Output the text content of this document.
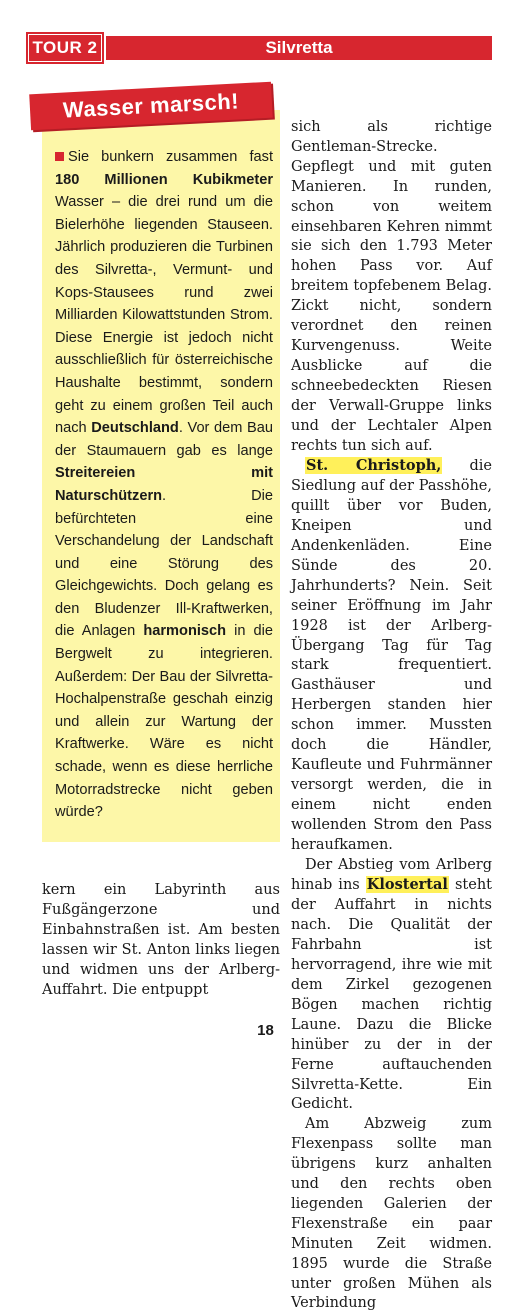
TOUR 2	Silvretta
Wasser marsch!

Sie bunkern zusammen fast 180 Millionen Kubikmeter Wasser – die drei rund um die Bielerhöhe liegenden Stauseen. Jährlich produzieren die Turbinen des Silvretta-, Vermunt- und Kops-Stausees rund zwei Milliarden Kilowattstunden Strom. Diese Energie ist jedoch nicht ausschließlich für österreichische Haushalte bestimmt, sondern geht zu einem großen Teil auch nach Deutschland. Vor dem Bau der Staumauern gab es lange Streitereien mit Naturschützern. Die befürchteten eine Verschandelung der Landschaft und eine Störung des Gleichgewichts. Doch gelang es den Bludenzer Ill-Kraftwerken, die Anlagen harmonisch in die Bergwelt zu integrieren. Außerdem: Der Bau der Silvretta-Hochalpenstraße geschah einzig und allein zur Wartung der Kraftwerke. Wäre es nicht schade, wenn es diese herrliche Motorradstrecke nicht geben würde?

sich als richtige Gentleman-Strecke. Gepflegt und mit guten Manieren. In runden, schon von weitem einsehbaren Kehren nimmt sie sich den 1.793 Meter hohen Pass vor. Auf breitem topfebenem Belag. Zickt nicht, sondern verordnet den reinen Kurvengenuss. Weite Ausblicke auf die schneebedeckten Riesen der Verwall-Gruppe links und der Lechtaler Alpen rechts tun sich auf.

St. Christoph, die Siedlung auf der Passhöhe, quillt über vor Buden, Kneipen und Andenkenläden. Eine Sünde des 20. Jahrhunderts? Nein. Seit seiner Eröffnung im Jahr 1928 ist der Arlberg-Übergang Tag für Tag stark frequentiert. Gasthäuser und Herbergen standen hier schon immer. Mussten doch die Händler, Kaufleute und Fuhrmänner versorgt werden, die in einem nicht enden wollenden Strom den Pass heraufkamen.

Der Abstieg vom Arlberg hinab ins Klostertal steht der Auffahrt in nichts nach. Die Qualität der Fahrbahn ist hervorragend, ihre wie mit dem Zirkel gezogenen Bögen machen richtig Laune. Dazu die Blicke hinüber zu der in der Ferne auftauchenden Silvretta-Kette. Ein Gedicht.

Am Abzweig zum Flexenpass sollte man übrigens kurz anhalten und den rechts oben liegenden Galerien der Flexenstraße ein paar Minuten Zeit widmen. 1895 wurde die Straße unter großen Mühen als Verbindung

kern ein Labyrinth aus Fußgängerzone und Einbahnstraßen ist. Am besten lassen wir St. Anton links liegen und widmen uns der Arlberg-Auffahrt. Die entpuppt

18
